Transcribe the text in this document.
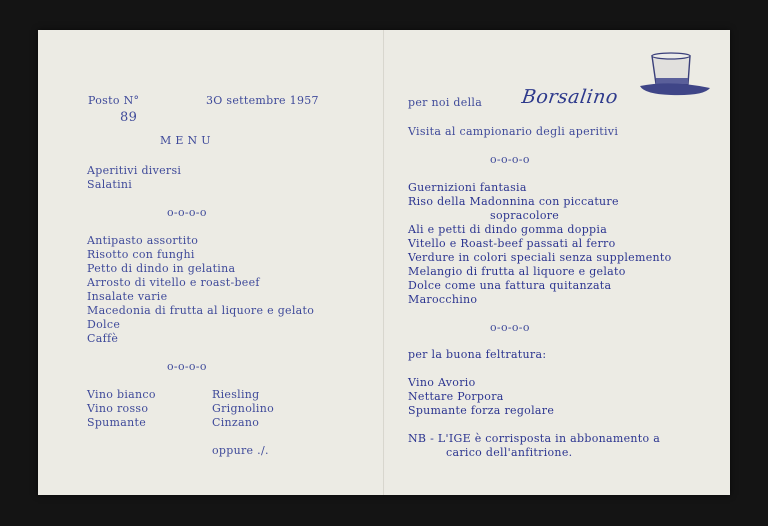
Posto N°	3O settembre 1957

89

M E N U

Aperitivi diversi

Salatini

o-o-o-o

Antipasto assortito

Risotto con funghi

Petto di dindo in gelatina

Arrosto di vitello e roast-beef

Insalate varie

Macedonia di frutta al liquore e gelato

Dolce

Caffè

o-o-o-o

Vino bianco	Riesling

Vino rosso	Grignolino

Spumante	Cinzano

oppure ./.

per noi della Borsalino

Visita al campionario degli aperitivi

o-o-o-o

Guernizioni fantasia

Riso della Madonnina con piccature

sopracolore

Ali e petti di dindo gomma doppia

Vitello e Roast-beef passati al ferro

Verdure in colori speciali senza supplemento

Melangio di frutta al liquore e gelato

Dolce come una fattura quitanzata

Marocchino

o-o-o-o

per la buona feltratura:

Vino Avorio

Nettare Porpora

Spumante forza regolare

NB - L'IGE è corrisposta in abbonamento a

carico dell'anfitrione.
